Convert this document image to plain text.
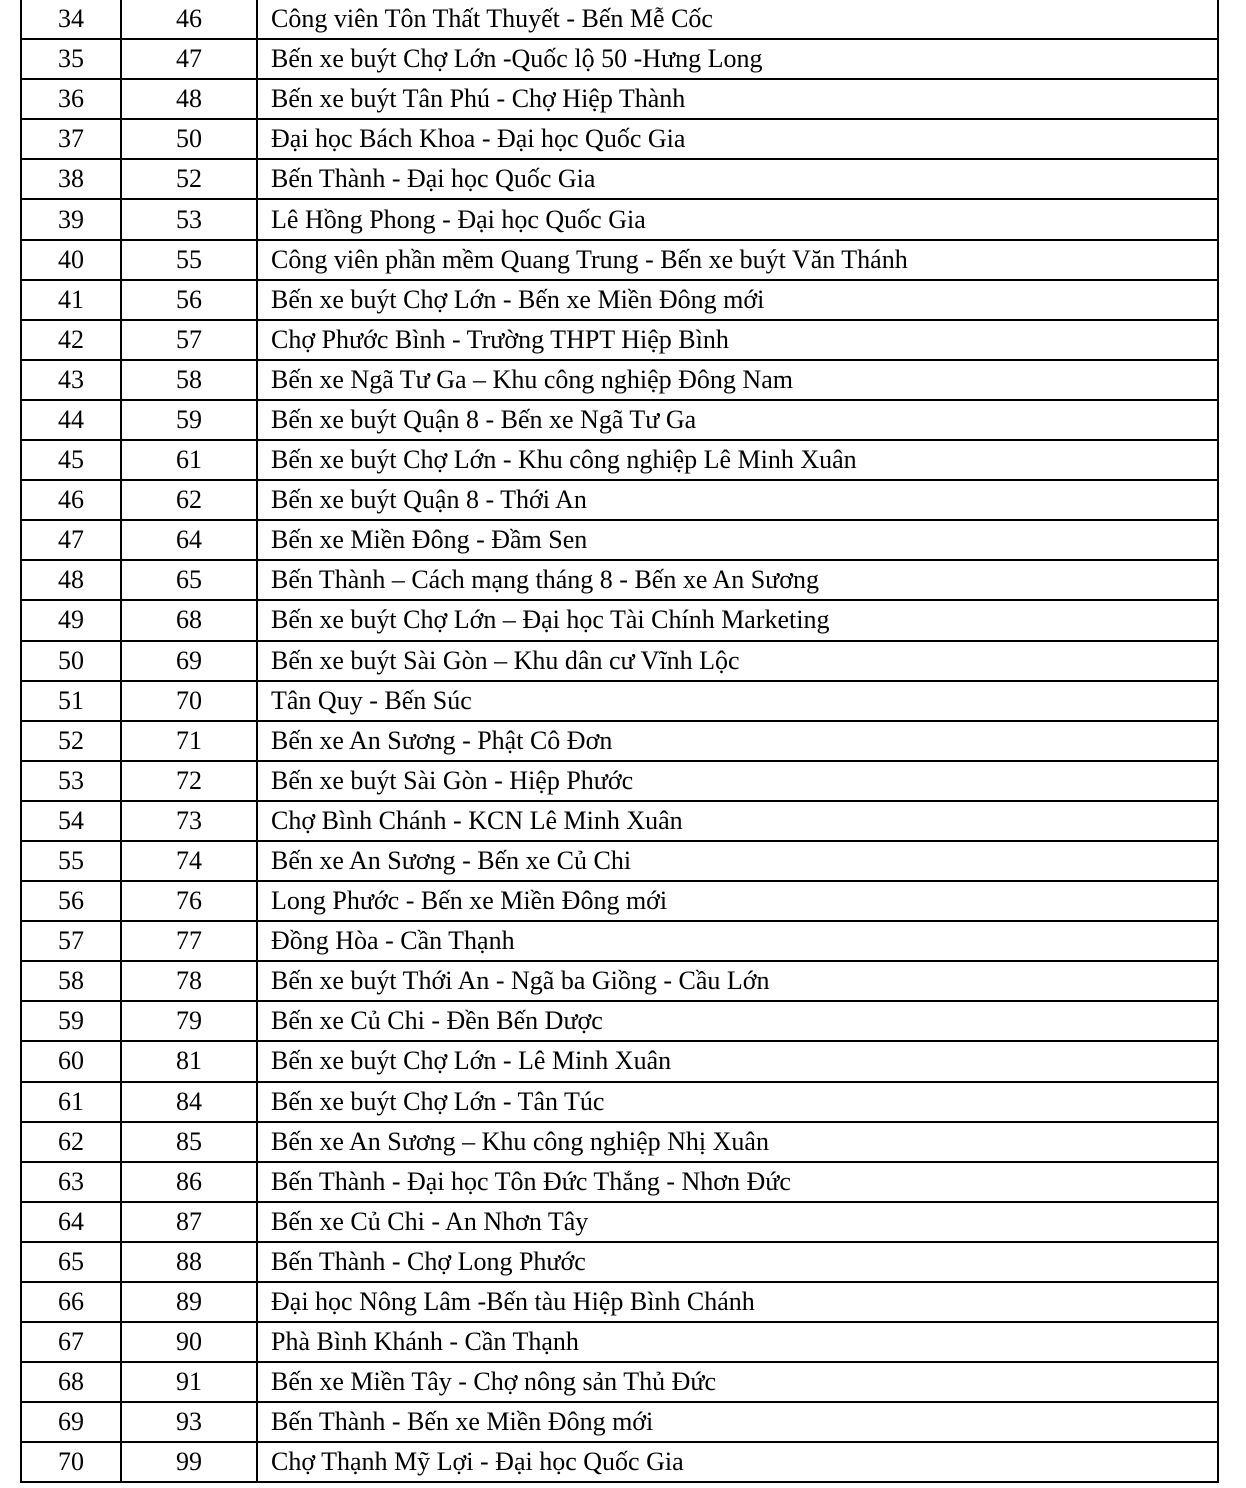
34	46	Công viên Tôn Thất Thuyết - Bến Mễ Cốc
35	47	Bến xe buýt Chợ Lớn -Quốc lộ 50 -Hưng Long
36	48	Bến xe buýt Tân Phú - Chợ Hiệp Thành
37	50	Đại học Bách Khoa - Đại học Quốc Gia
38	52	Bến Thành - Đại học Quốc Gia
39	53	Lê Hồng Phong - Đại học Quốc Gia
40	55	Công viên phần mềm Quang Trung - Bến xe buýt Văn Thánh
41	56	Bến xe buýt Chợ Lớn - Bến xe Miền Đông mới
42	57	Chợ Phước Bình - Trường THPT Hiệp Bình
43	58	Bến xe Ngã Tư Ga – Khu công nghiệp Đông Nam
44	59	Bến xe buýt Quận 8 - Bến xe Ngã Tư Ga
45	61	Bến xe buýt Chợ Lớn - Khu công nghiệp Lê Minh Xuân
46	62	Bến xe buýt Quận 8 - Thới An
47	64	Bến xe Miền Đông - Đầm Sen
48	65	Bến Thành – Cách mạng tháng 8 - Bến xe An Sương
49	68	Bến xe buýt Chợ Lớn – Đại học Tài Chính Marketing
50	69	Bến xe buýt Sài Gòn – Khu dân cư Vĩnh Lộc
51	70	Tân Quy - Bến Súc
52	71	Bến xe An Sương - Phật Cô Đơn
53	72	Bến xe buýt Sài Gòn - Hiệp Phước
54	73	Chợ Bình Chánh - KCN Lê Minh Xuân
55	74	Bến xe An Sương - Bến xe Củ Chi
56	76	Long Phước - Bến xe Miền Đông mới
57	77	Đồng Hòa - Cần Thạnh
58	78	Bến xe buýt Thới An - Ngã ba Giồng - Cầu Lớn
59	79	Bến xe Củ Chi - Đền Bến Dược
60	81	Bến xe buýt Chợ Lớn - Lê Minh Xuân
61	84	Bến xe buýt Chợ Lớn - Tân Túc
62	85	Bến xe An Sương – Khu công nghiệp Nhị Xuân
63	86	Bến Thành - Đại học Tôn Đức Thắng - Nhơn Đức
64	87	Bến xe Củ Chi - An Nhơn Tây
65	88	Bến Thành - Chợ Long Phước
66	89	Đại học Nông Lâm -Bến tàu Hiệp Bình Chánh
67	90	Phà Bình Khánh - Cần Thạnh
68	91	Bến xe Miền Tây - Chợ nông sản Thủ Đức
69	93	Bến Thành - Bến xe Miền Đông mới
70	99	Chợ Thạnh Mỹ Lợi - Đại học Quốc Gia
